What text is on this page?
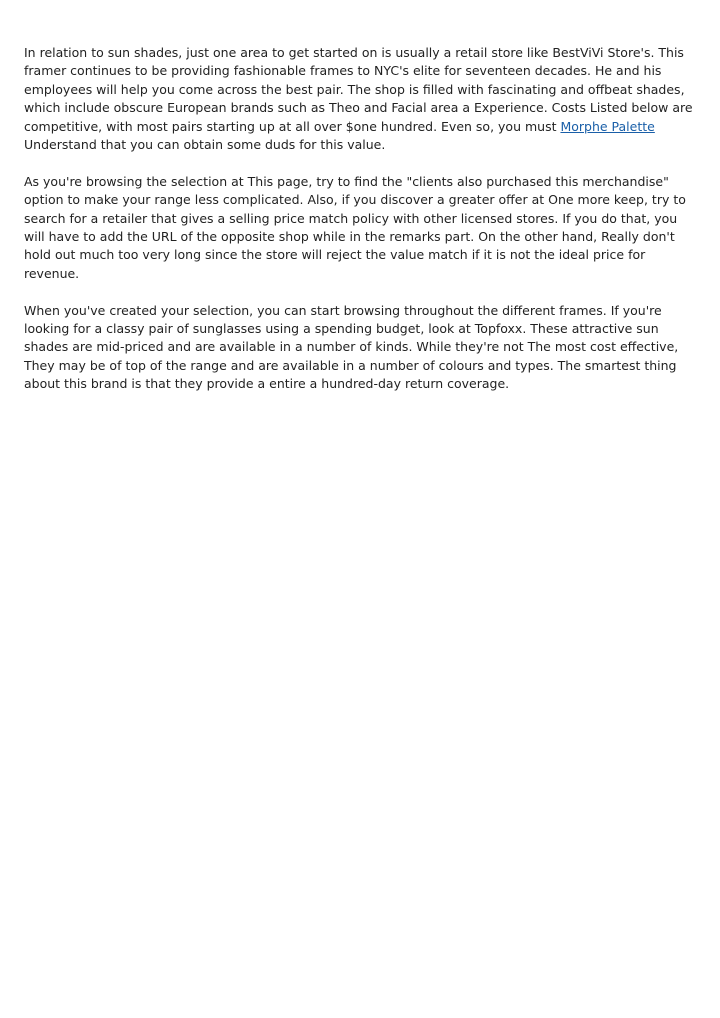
In relation to sun shades, just one area to get started on is usually a retail store like BestViVi Store's. This framer continues to be providing fashionable frames to NYC's elite for seventeen decades. He and his employees will help you come across the best pair. The shop is filled with fascinating and offbeat shades, which include obscure European brands such as Theo and Facial area a Experience. Costs Listed below are competitive, with most pairs starting up at all over $one hundred. Even so, you must Morphe Palette Understand that you can obtain some duds for this value.

As you're browsing the selection at This page, try to find the "clients also purchased this merchandise" option to make your range less complicated. Also, if you discover a greater offer at One more keep, try to search for a retailer that gives a selling price match policy with other licensed stores. If you do that, you will have to add the URL of the opposite shop while in the remarks part. On the other hand, Really don't hold out much too very long since the store will reject the value match if it is not the ideal price for revenue.

When you've created your selection, you can start browsing throughout the different frames. If you're looking for a classy pair of sunglasses using a spending budget, look at Topfoxx. These attractive sun shades are mid-priced and are available in a number of kinds. While they're not The most cost effective, They may be of top of the range and are available in a number of colours and types. The smartest thing about this brand is that they provide a entire a hundred-day return coverage.
